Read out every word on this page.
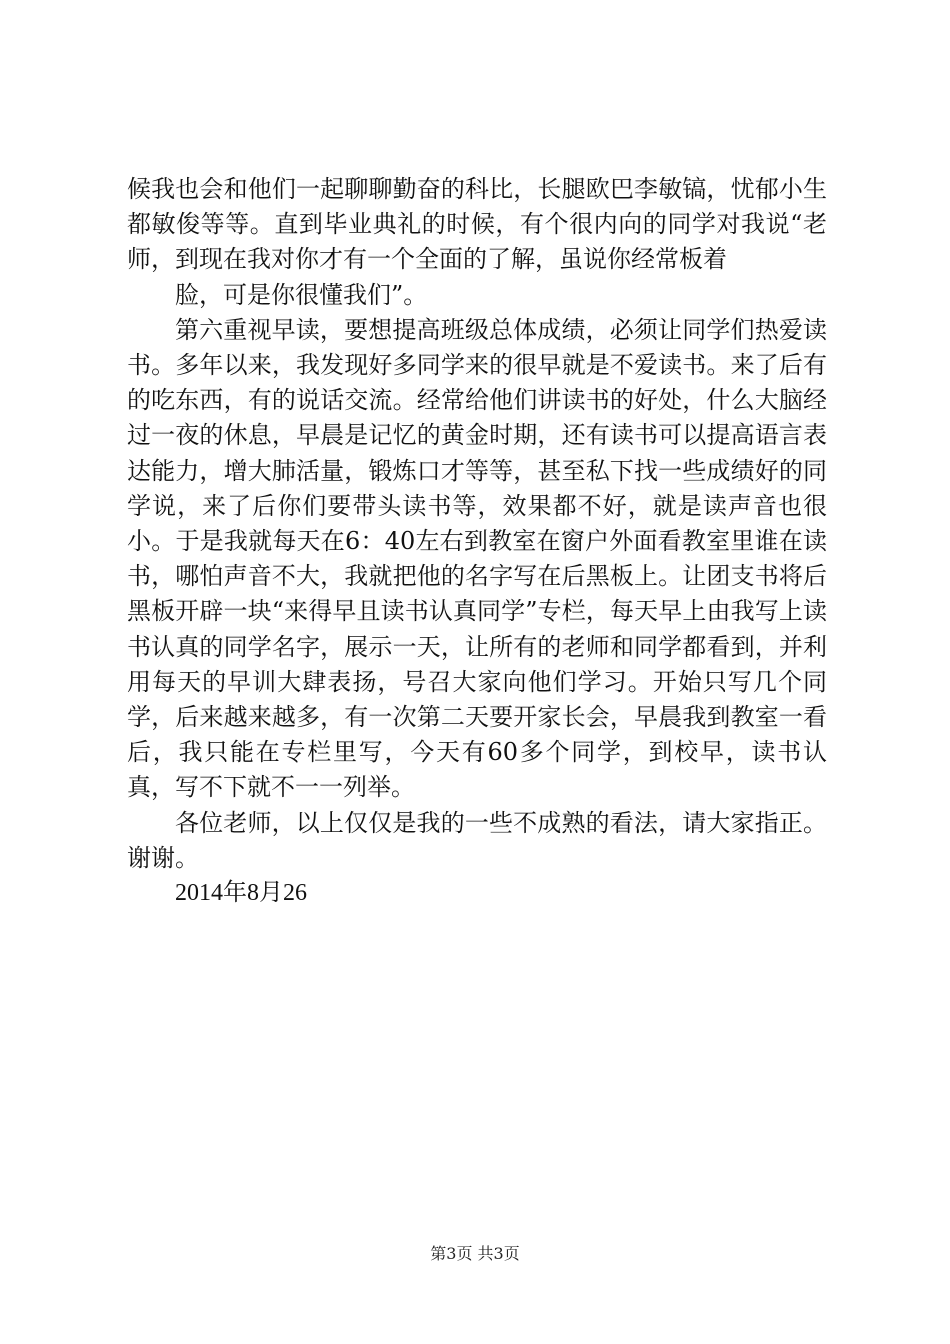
候我也会和他们一起聊聊勤奋的科比，长腿欧巴李敏镐，忧郁小生都敏俊等等。直到毕业典礼的时候，有个很内向的同学对我说“老师，到现在我对你才有一个全面的了解，虽说你经常板着

脸，可是你很懂我们”。

第六重视早读，要想提高班级总体成绩，必须让同学们热爱读书。多年以来，我发现好多同学来的很早就是不爱读书。来了后有的吃东西，有的说话交流。经常给他们讲读书的好处，什么大脑经过一夜的休息，早晨是记忆的黄金时期，还有读书可以提高语言表达能力，增大肺活量，锻炼口才等等，甚至私下找一些成绩好的同学说，来了后你们要带头读书等，效果都不好，就是读声音也很小。于是我就每天在6：40左右到教室在窗户外面看教室里谁在读书，哪怕声音不大，我就把他的名字写在后黑板上。让团支书将后黑板开辟一块“来得早且读书认真同学”专栏，每天早上由我写上读书认真的同学名字，展示一天，让所有的老师和同学都看到，并利用每天的早训大肆表扬，号召大家向他们学习。开始只写几个同学，后来越来越多，有一次第二天要开家长会，早晨我到教室一看后，我只能在专栏里写，今天有60多个同学，到校早，读书认真，写不下就不一一列举。

各位老师，以上仅仅是我的一些不成熟的看法，请大家指正。谢谢。

2014年8月26

第3页 共3页
